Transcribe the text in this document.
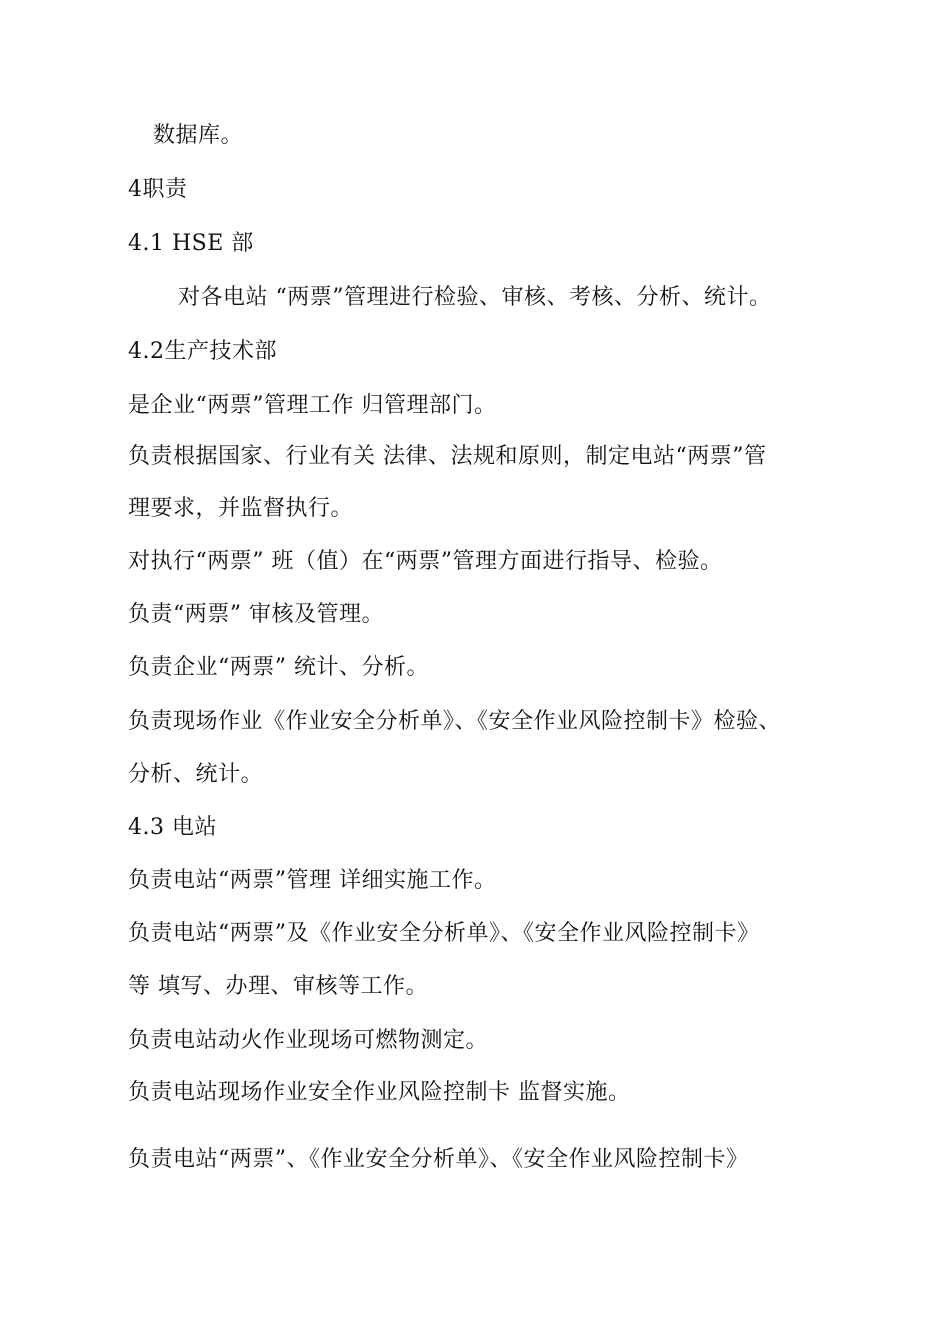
数据库。
4职责
4.1 HSE 部
对各电站 “两票”管理进行检验、审核、考核、分析、统计。
4.2生产技术部
是企业“两票”管理工作 归管理部门。
负责根据国家、行业有关 法律、法规和原则，制定电站“两票”管
理要求，并监督执行。
对执行“两票” 班（值）在“两票”管理方面进行指导、检验。
负责“两票” 审核及管理。
负责企业“两票” 统计、分析。
负责现场作业《作业安全分析单》、《安全作业风险控制卡》检验、
分析、统计。
4.3 电站
负责电站“两票”管理 详细实施工作。
负责电站“两票”及《作业安全分析单》、《安全作业风险控制卡》
等 填写、办理、审核等工作。
负责电站动火作业现场可燃物测定。
负责电站现场作业安全作业风险控制卡 监督实施。
负责电站“两票”、《作业安全分析单》、《安全作业风险控制卡》
